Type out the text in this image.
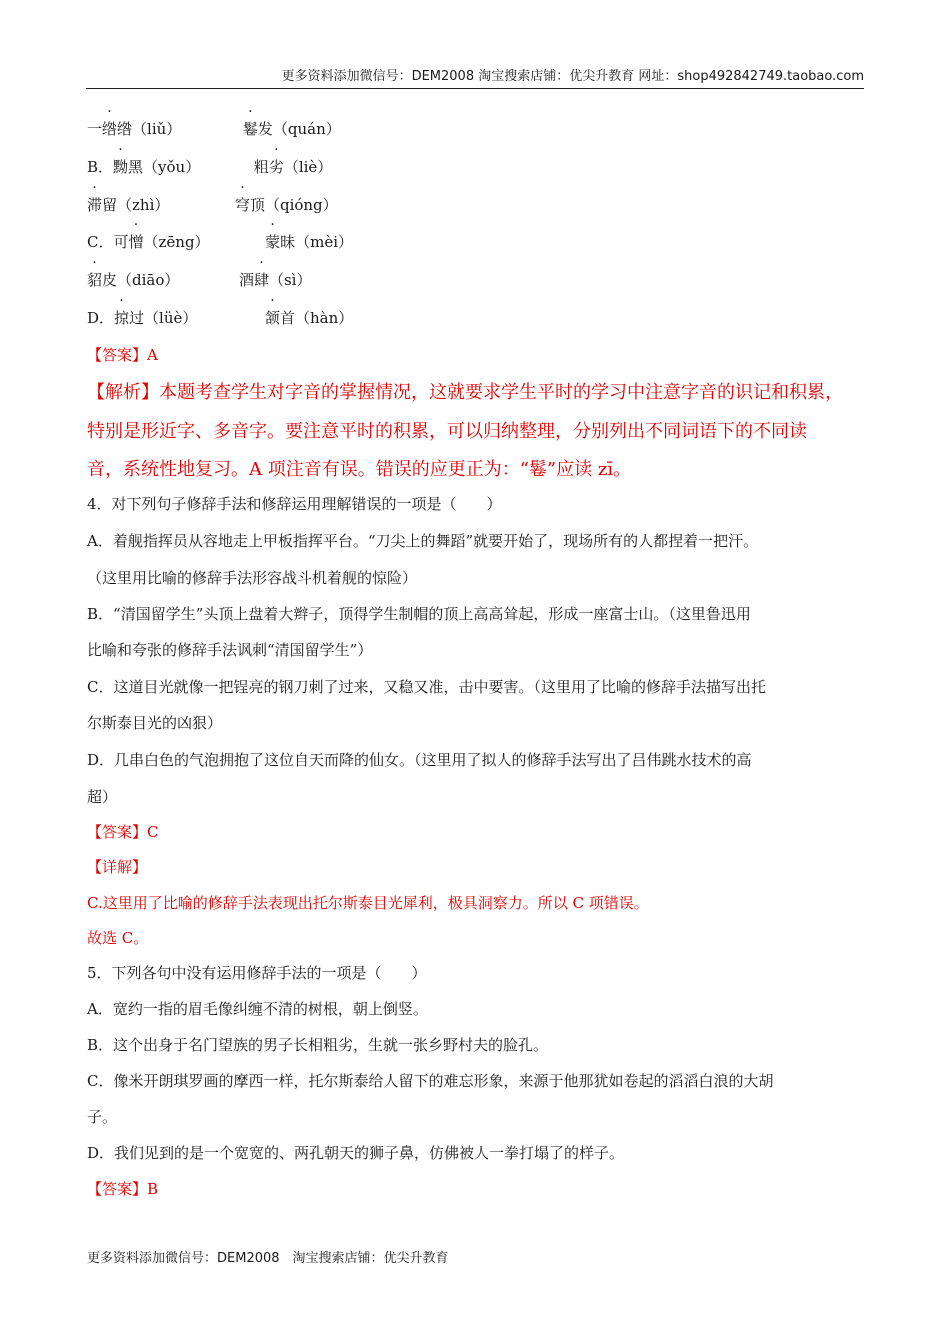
更多资料添加微信号：DEM2008 淘宝搜索店铺：优尖升教育 网址：shop492842749.taobao.com
一绺绺（liǔ）	鬈发（quán）
B．黝黑（yǒu）	粗劣（liè）
滞留（zhì）	穹顶（qióng）
C．可憎（zēng）	蒙昧（mèi）
貂皮（diāo）	酒肆（sì）
D．掠过（lüè）	颔首（hàn）
【答案】A
【解析】本题考查学生对字音的掌握情况，这就要求学生平时的学习中注意字音的识记和积累，
特别是形近字、多音字。要注意平时的积累，可以归纳整理，分别列出不同词语下的不同读
音，系统性地复习。A 项注音有误。错误的应更正为：“鬈”应读 zī。
4．对下列句子修辞手法和修辞运用理解错误的一项是（　　）
A．着舰指挥员从容地走上甲板指挥平台。“刀尖上的舞蹈”就要开始了，现场所有的人都捏着一把汗。
（这里用比喻的修辞手法形容战斗机着舰的惊险）
B．“清国留学生”头顶上盘着大辫子，顶得学生制帽的顶上高高耸起，形成一座富士山。（这里鲁迅用
比喻和夸张的修辞手法讽刺“清国留学生”）
C．这道目光就像一把锃亮的钢刀刺了过来，又稳又准，击中要害。（这里用了比喻的修辞手法描写出托
尔斯泰目光的凶狠）
D．几串白色的气泡拥抱了这位自天而降的仙女。（这里用了拟人的修辞手法写出了吕伟跳水技术的高
超）
【答案】C
【详解】
C.这里用了比喻的修辞手法表现出托尔斯泰目光犀利，极具洞察力。所以 C 项错误。
故选 C。
5．下列各句中没有运用修辞手法的一项是（　　）
A．宽约一指的眉毛像纠缠不清的树根，朝上倒竖。
B．这个出身于名门望族的男子长相粗劣，生就一张乡野村夫的脸孔。
C．像米开朗琪罗画的摩西一样，托尔斯泰给人留下的难忘形象，来源于他那犹如卷起的滔滔白浪的大胡
子。
D．我们见到的是一个宽宽的、两孔朝天的狮子鼻，仿佛被人一拳打塌了的样子。
【答案】B
更多资料添加微信号：DEM2008　淘宝搜索店铺：优尖升教育
